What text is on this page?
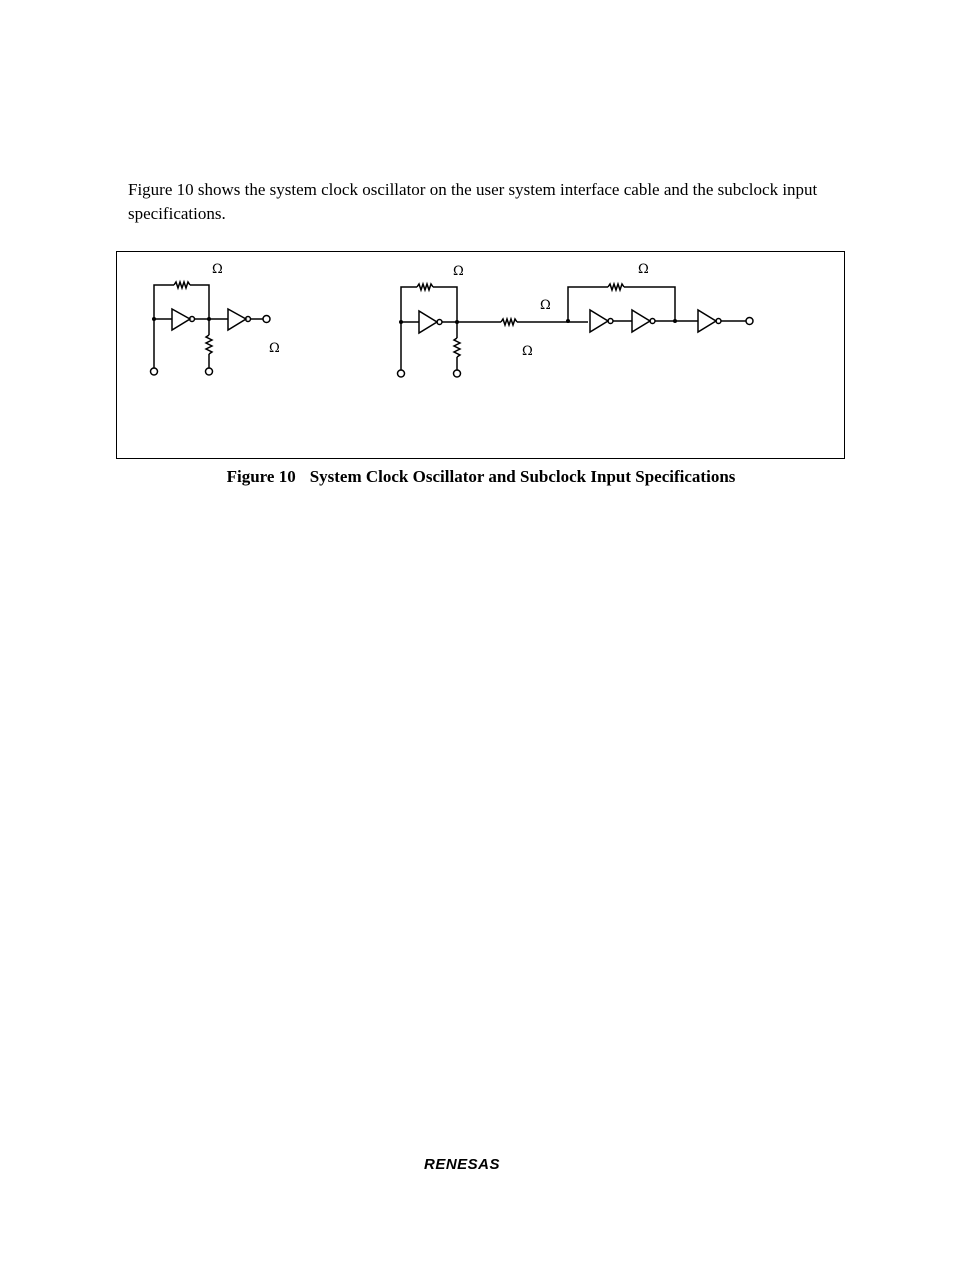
Figure 10 shows the system clock oscillator on the user system interface cable and the subclock input specifications.

Ω
Ω
Ω
Ω
Ω
Ω
Figure 10 System Clock Oscillator and Subclock Input Specifications
RENESAS
